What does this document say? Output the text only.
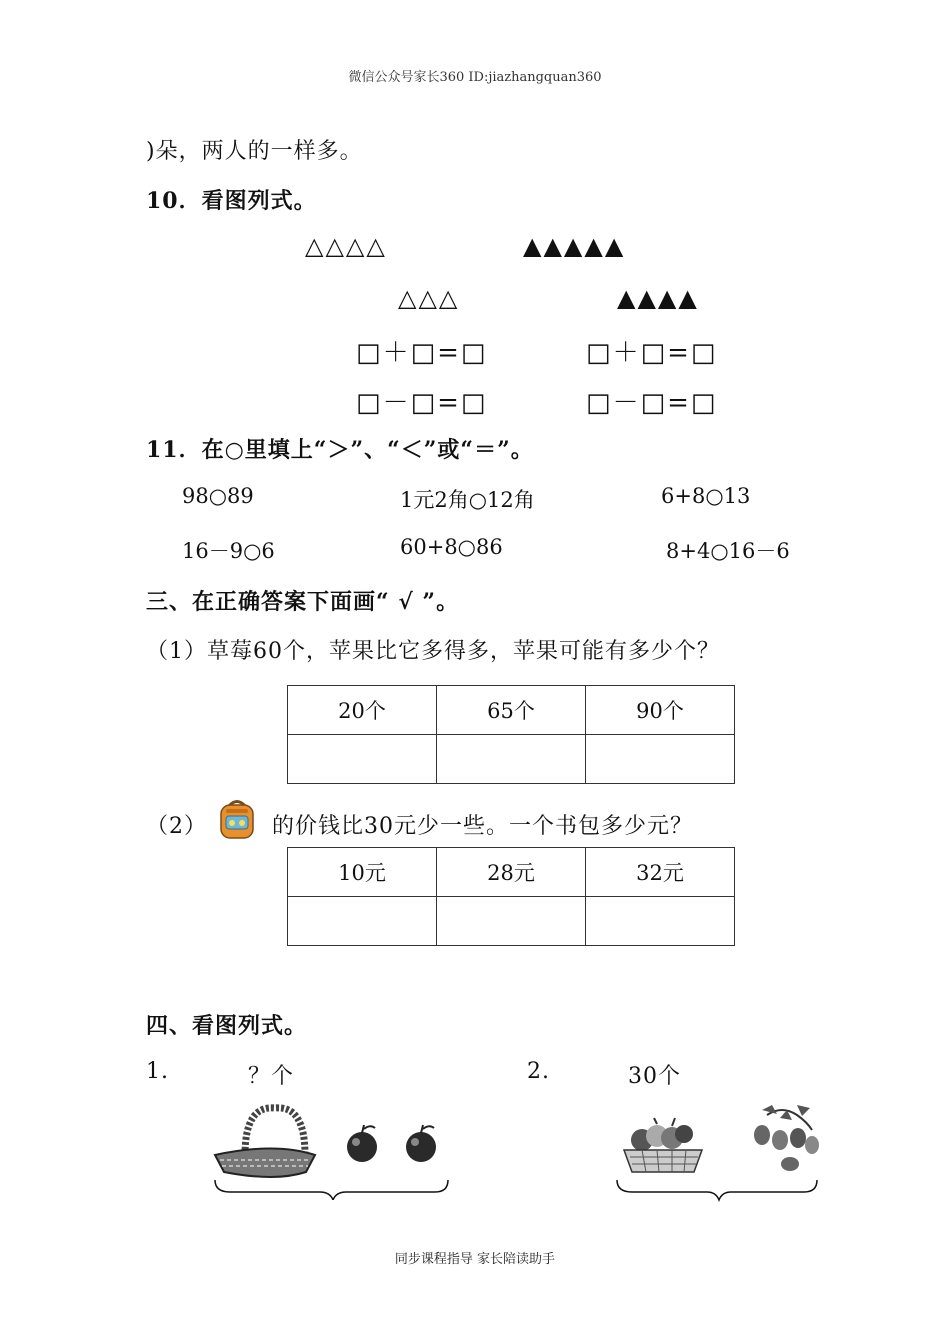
微信公众号家长360 ID:jiazhangquan360
)朵，两人的一样多。
10．看图列式。
△△△△	▲▲▲▲▲
△△△	▲▲▲▲
□＋□=□	□＋□=□
□－□=□	□－□=□
11．在○里填上“＞”、“＜”或“＝”。
98○89	1元2角○12角	6+8○13
16－9○6	60+8○86	8+4○16－6
三、在正确答案下面画“ √ ”。
（1）草莓60个，苹果比它多得多，苹果可能有多少个？
20个	65个	90个

（2）	的价钱比30元少一些。一个书包多少元？
10元	28元	32元

四、看图列式。
1.	？个	2.	30个
同步课程指导 家长陪读助手
